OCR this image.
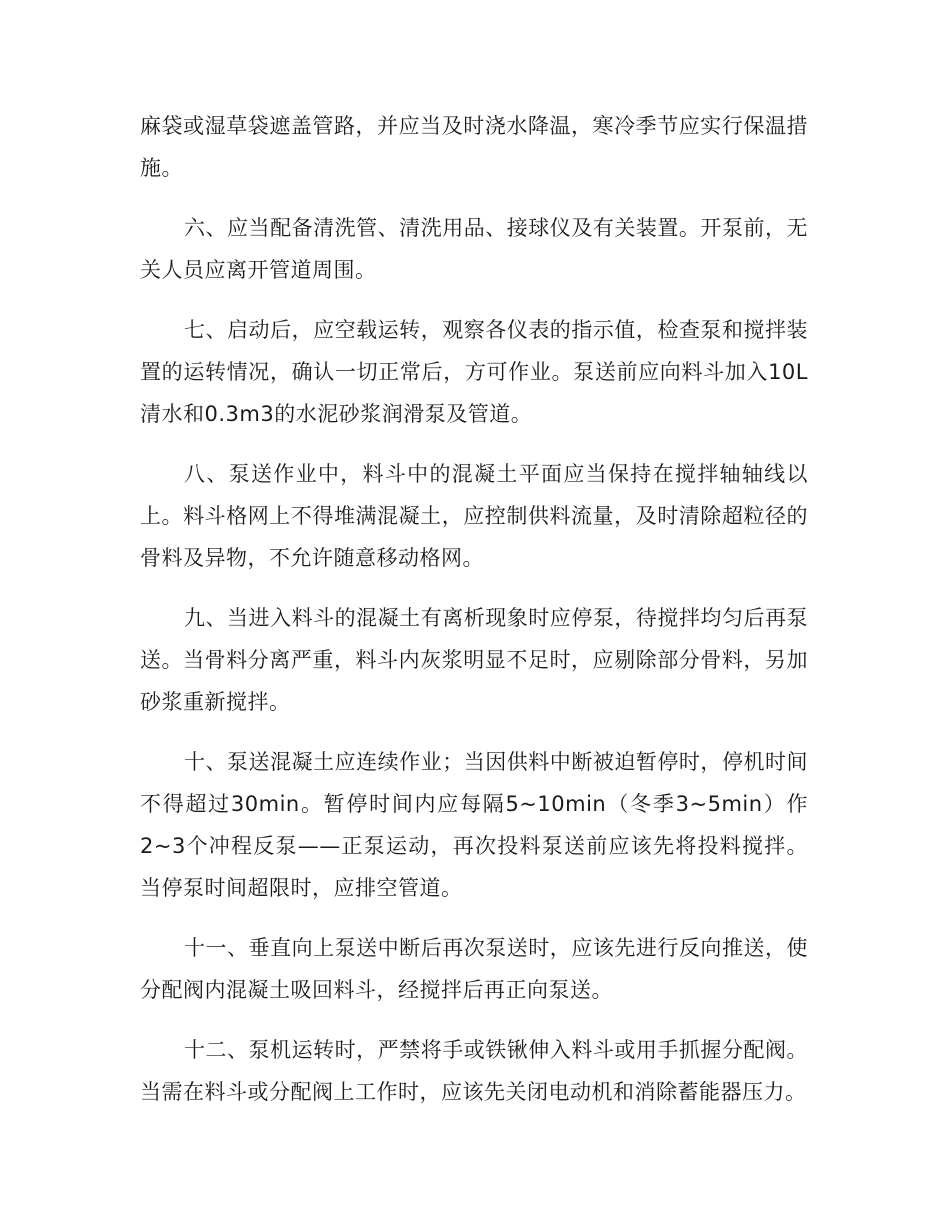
麻袋或湿草袋遮盖管路，并应当及时浇水降温，寒冷季节应实行保温措施。

六、应当配备清洗管、清洗用品、接球仪及有关装置。开泵前，无关人员应离开管道周围。

七、启动后，应空载运转，观察各仪表的指示值，检查泵和搅拌装置的运转情况，确认一切正常后，方可作业。泵送前应向料斗加入10L清水和0.3m3的水泥砂浆润滑泵及管道。

八、泵送作业中，料斗中的混凝土平面应当保持在搅拌轴轴线以上。料斗格网上不得堆满混凝土，应控制供料流量，及时清除超粒径的骨料及异物，不允许随意移动格网。

九、当进入料斗的混凝土有离析现象时应停泵，待搅拌均匀后再泵送。当骨料分离严重，料斗内灰浆明显不足时，应剔除部分骨料，另加砂浆重新搅拌。

十、泵送混凝土应连续作业；当因供料中断被迫暂停时，停机时间不得超过30min。暂停时间内应每隔5~10min（冬季3~5min）作2~3个冲程反泵——正泵运动，再次投料泵送前应该先将投料搅拌。当停泵时间超限时，应排空管道。

十一、垂直向上泵送中断后再次泵送时，应该先进行反向推送，使分配阀内混凝土吸回料斗，经搅拌后再正向泵送。

十二、泵机运转时，严禁将手或铁锹伸入料斗或用手抓握分配阀。当需在料斗或分配阀上工作时，应该先关闭电动机和消除蓄能器压力。
